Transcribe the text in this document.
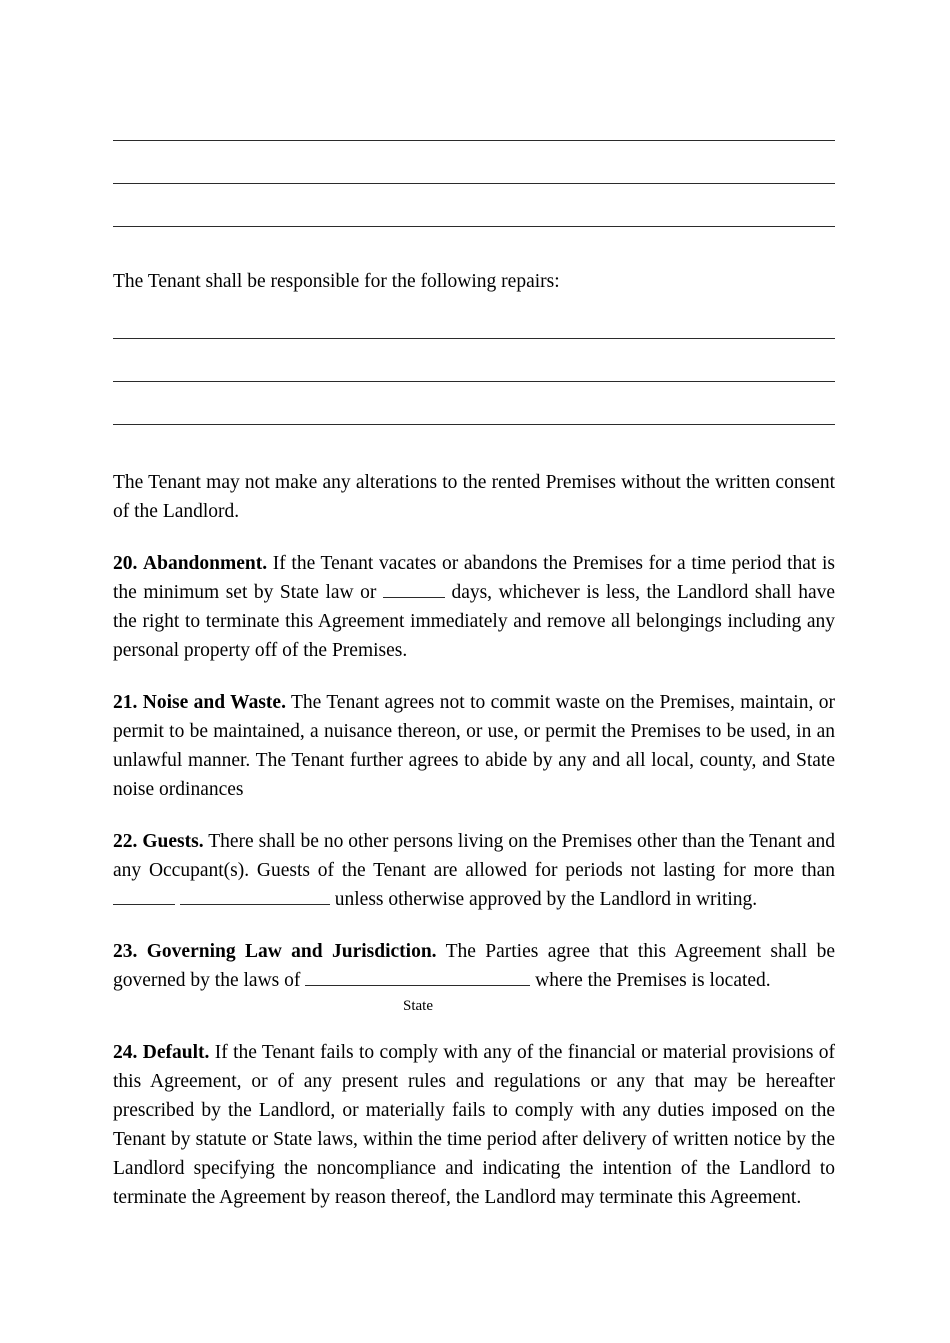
The Tenant shall be responsible for the following repairs:

The Tenant may not make any alterations to the rented Premises without the written consent of the Landlord.

20. Abandonment. If the Tenant vacates or abandons the Premises for a time period that is the minimum set by State law or	days, whichever is less, the Landlord shall have the right to terminate this Agreement immediately and remove all belongings including any personal property off of the Premises.

21. Noise and Waste. The Tenant agrees not to commit waste on the Premises, maintain, or permit to be maintained, a nuisance thereon, or use, or permit the Premises to be used, in an unlawful manner. The Tenant further agrees to abide by any and all local, county, and State noise ordinances

22. Guests. There shall be no other persons living on the Premises other than the Tenant and any Occupant(s). Guests of the Tenant are allowed for periods not lasting for more than   unless otherwise approved by the Landlord in writing.

23. Governing Law and Jurisdiction. The Parties agree that this Agreement shall be governed by the laws of	where the Premises is located.

State

24. Default. If the Tenant fails to comply with any of the financial or material provisions of this Agreement, or of any present rules and regulations or any that may be hereafter prescribed by the Landlord, or materially fails to comply with any duties imposed on the Tenant by statute or State laws, within the time period after delivery of written notice by the Landlord specifying the noncompliance and indicating the intention of the Landlord to terminate the Agreement by reason thereof, the Landlord may terminate this Agreement.
